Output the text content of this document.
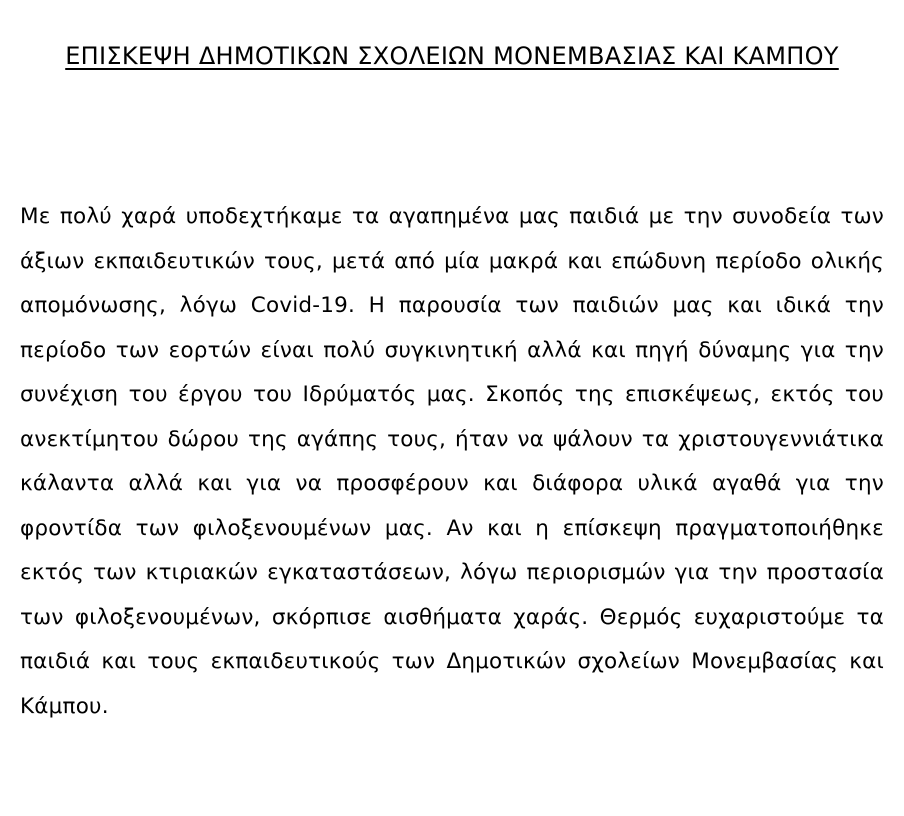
ΕΠΙΣΚΕΨΗ ΔΗΜΟΤΙΚΩΝ ΣΧΟΛΕΙΩΝ ΜΟΝΕΜΒΑΣΙΑΣ ΚΑΙ ΚΑΜΠΟΥ

Με πολύ χαρά υποδεχτήκαμε τα αγαπημένα μας παιδιά με την συνοδεία των άξιων εκπαιδευτικών τους, μετά από μία μακρά και επώδυνη περίοδο ολικής απομόνωσης, λόγω Covid-19. Η παρουσία των παιδιών μας και ιδικά την περίοδο των εορτών είναι πολύ συγκινητική αλλά και πηγή δύναμης για την συνέχιση του έργου του Ιδρύματός μας. Σκοπός της επισκέψεως, εκτός του ανεκτίμητου δώρου της αγάπης τους, ήταν να ψάλουν τα χριστουγεννιάτικα κάλαντα αλλά και για να προσφέρουν και διάφορα υλικά αγαθά για την φροντίδα των φιλοξενουμένων μας. Αν και η επίσκεψη πραγματοποιήθηκε εκτός των κτιριακών εγκαταστάσεων, λόγω περιορισμών για την προστασία των φιλοξενουμένων, σκόρπισε αισθήματα χαράς. Θερμός ευχαριστούμε τα παιδιά και τους εκπαιδευτικούς των Δημοτικών σχολείων Μονεμβασίας και Κάμπου.
